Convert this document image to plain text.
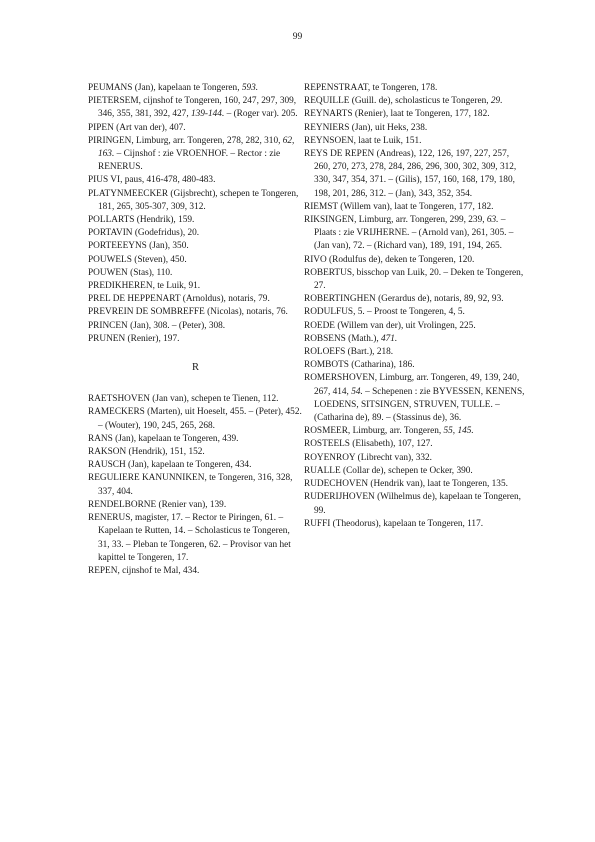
99
PEUMANS (Jan), kapelaan te Tongeren, 593.
PIETERSEM, cijnshof te Tongeren, 160, 247, 297, 309, 346, 355, 381, 392, 427, 139-144. – (Roger var). 205.
PIPEN (Art van der), 407.
PIRINGEN, Limburg, arr. Tongeren, 278, 282, 310, 62, 163. – Cijnshof : zie VROENHOF. – Rector : zie RENERUS.
PIUS VI, paus, 416-478, 480-483.
PLATYNMEECKER (Gijsbrecht), schepen te Tongeren, 181, 265, 305-307, 309, 312.
POLLARTS (Hendrik), 159.
PORTAVIN (Godefridus), 20.
PORTEEEYNS (Jan), 350.
POUWELS (Steven), 450.
POUWEN (Stas), 110.
PREDIKHEREN, te Luik, 91.
PREL DE HEPPENART (Arnoldus), notaris, 79.
PREVREIN DE SOMBREFFE (Nicolas), notaris, 76.
PRINCEN (Jan), 308. – (Peter), 308.
PRUNEN (Renier), 197.
R
RAETSHOVEN (Jan van), schepen te Tienen, 112.
RAMECKERS (Marten), uit Hoeselt, 455. – (Peter), 452. – (Wouter), 190, 245, 265, 268.
RANS (Jan), kapelaan te Tongeren, 439.
RAKSON (Hendrik), 151, 152.
RAUSCH (Jan), kapelaan te Tongeren, 434.
REGULIERE KANUNNIKEN, te Tongeren, 316, 328, 337, 404.
RENDELBORNE (Renier van), 139.
RENERUS, magister, 17. – Rector te Piringen, 61. – Kapelaan te Rutten, 14. – Scholasticus te Tongeren, 31, 33. – Pleban te Tongeren, 62. – Provisor van het kapittel te Tongeren, 17.
REPEN, cijnshof te Mal, 434.
REPENSTRAAT, te Tongeren, 178.
REQUILLE (Guill. de), scholasticus te Tongeren, 29.
REYNARTS (Renier), laat te Tongeren, 177, 182.
REYNIERS (Jan), uit Heks, 238.
REYNSOEN, laat te Luik, 151.
REYS DE REPEN (Andreas), 122, 126, 197, 227, 257, 260, 270, 273, 278, 284, 286, 296, 300, 302, 309, 312, 330, 347, 354, 371. – (Gilis), 157, 160, 168, 179, 180, 198, 201, 286, 312. – (Jan), 343, 352, 354.
RIEMST (Willem van), laat te Tongeren, 177, 182.
RIKSINGEN, Limburg, arr. Tongeren, 299, 239, 63. – Plaats : zie VRIJHERNE. – (Arnold van), 261, 305. – (Jan van), 72. – (Richard van), 189, 191, 194, 265.
RIVO (Rodulfus de), deken te Tongeren, 120.
ROBERTUS, bisschop van Luik, 20. – Deken te Tongeren, 27.
ROBERTINGHEN (Gerardus de), notaris, 89, 92, 93.
RODULFUS, 5. – Proost te Tongeren, 4, 5.
ROEDE (Willem van der), uit Vrolingen, 225.
ROBSENS (Math.), 471.
ROLOEFS (Bart.), 218.
ROMBOTS (Catharina), 186.
ROMERSHOVEN, Limburg, arr. Tongeren, 49, 139, 240, 267, 414, 54. – Schepenen : zie BYVESSEN, KENENS, LOEDENS, SITSINGEN, STRUVEN, TULLE. – (Catharina de), 89. – (Stassinus de), 36.
ROSMEER, Limburg, arr. Tongeren, 55, 145.
ROSTEELS (Elisabeth), 107, 127.
ROYENROY (Librecht van), 332.
RUALLE (Collar de), schepen te Ocker, 390.
RUDECHOVEN (Hendrik van), laat te Tongeren, 135.
RUDERIJHOVEN (Wilhelmus de), kapelaan te Tongeren, 99.
RUFFI (Theodorus), kapelaan te Tongeren, 117.
